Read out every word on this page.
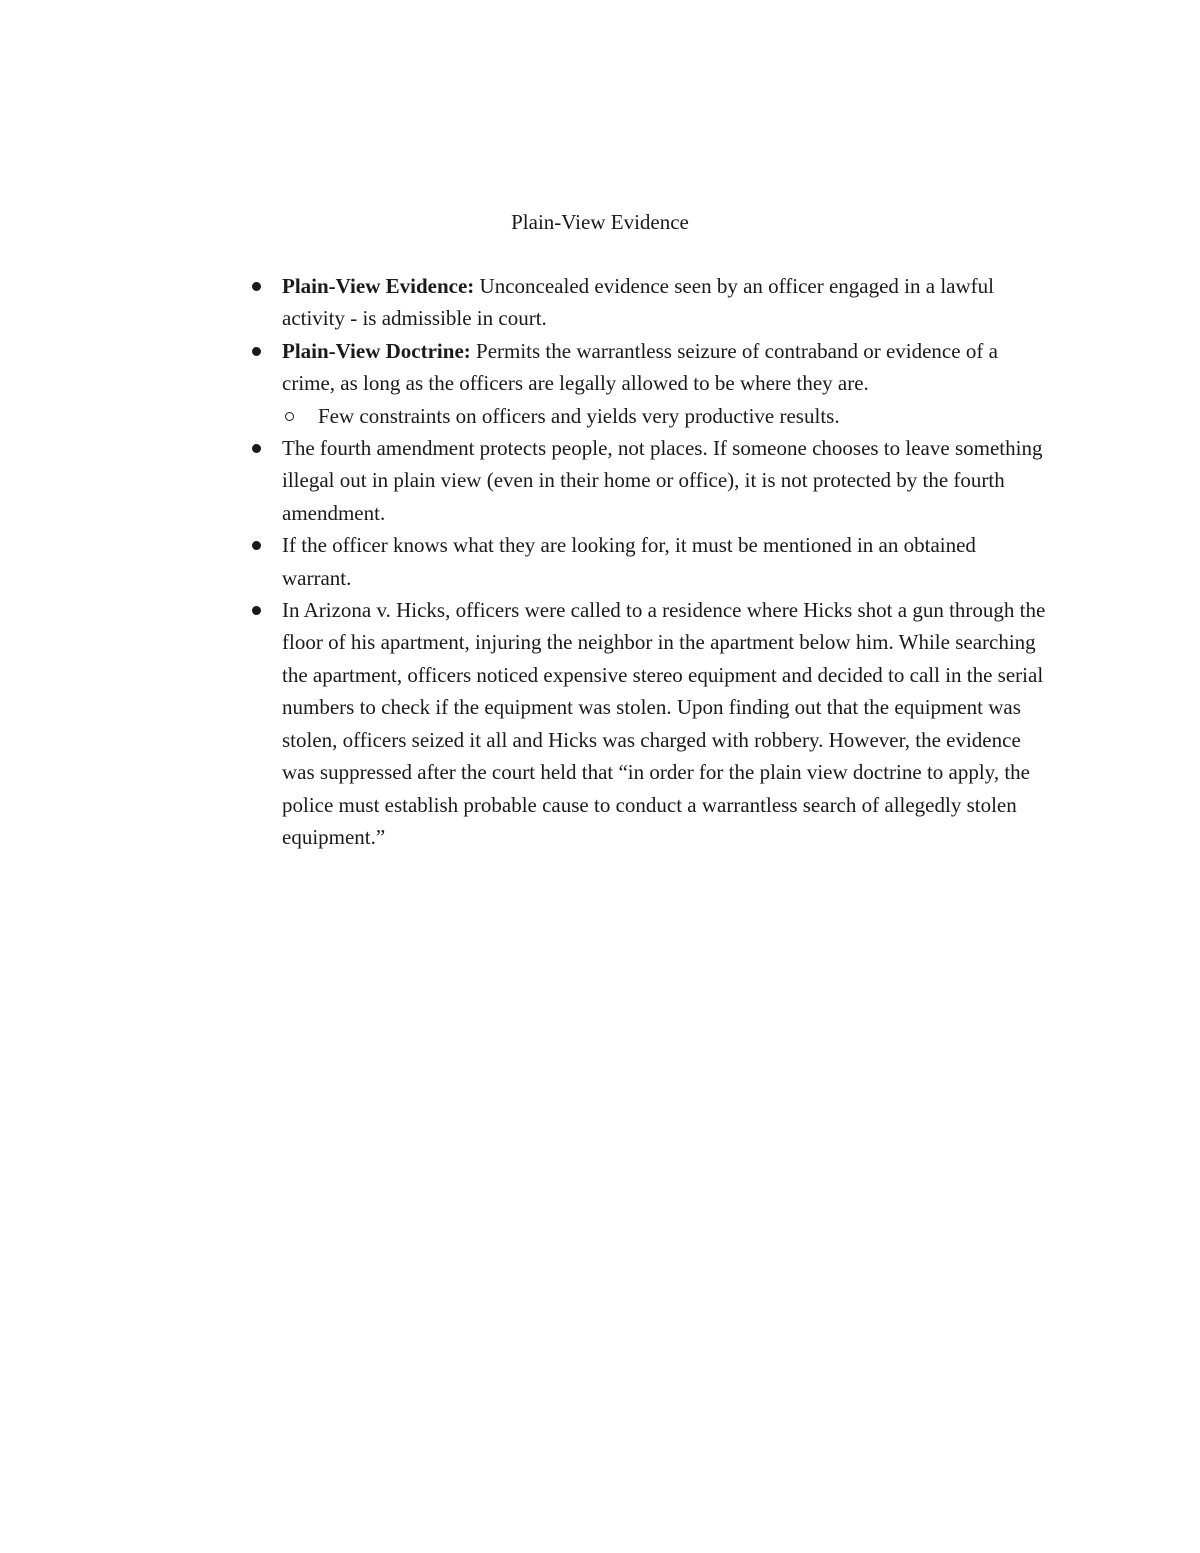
Plain-View Evidence
Plain-View Evidence: Unconcealed evidence seen by an officer engaged in a lawful activity - is admissible in court.
Plain-View Doctrine: Permits the warrantless seizure of contraband or evidence of a crime, as long as the officers are legally allowed to be where they are.
Few constraints on officers and yields very productive results.
The fourth amendment protects people, not places. If someone chooses to leave something illegal out in plain view (even in their home or office), it is not protected by the fourth amendment.
If the officer knows what they are looking for, it must be mentioned in an obtained warrant.
In Arizona v. Hicks, officers were called to a residence where Hicks shot a gun through the floor of his apartment, injuring the neighbor in the apartment below him. While searching the apartment, officers noticed expensive stereo equipment and decided to call in the serial numbers to check if the equipment was stolen. Upon finding out that the equipment was stolen, officers seized it all and Hicks was charged with robbery. However, the evidence was suppressed after the court held that “in order for the plain view doctrine to apply, the police must establish probable cause to conduct a warrantless search of allegedly stolen equipment.”
